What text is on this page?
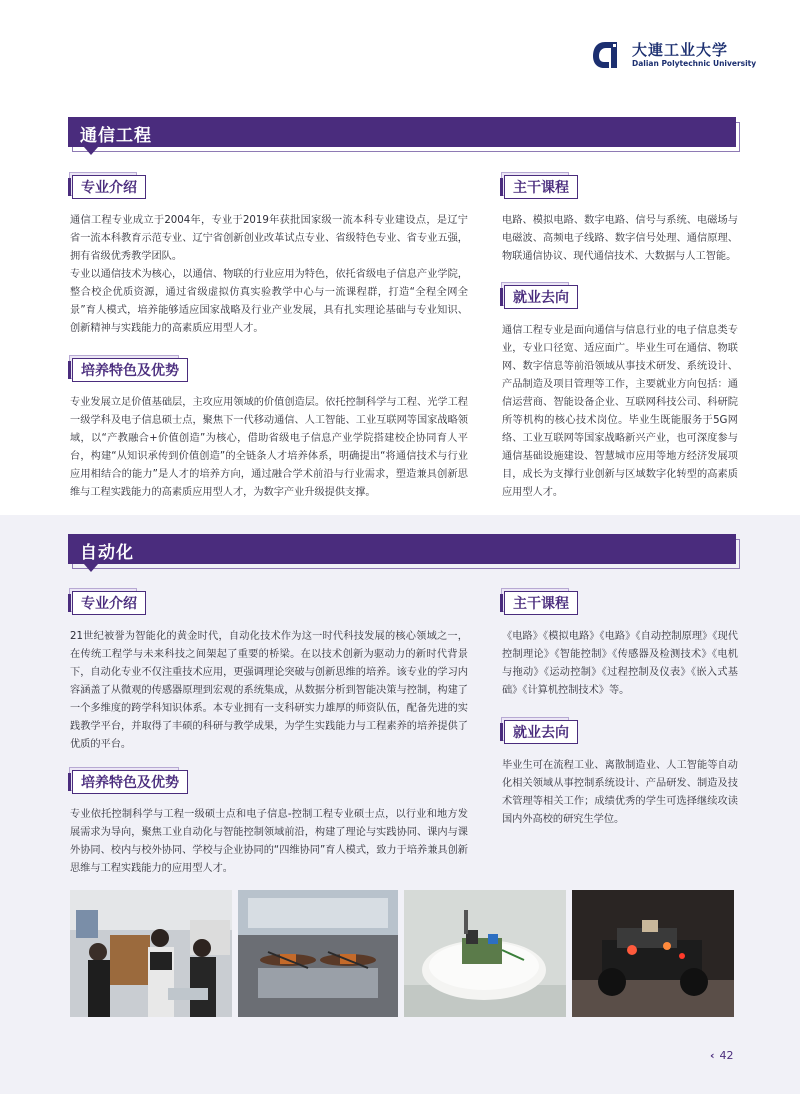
大連工业大学
Dalian Polytechnic University
通信工程
专业介绍
通信工程专业成立于2004年，专业于2019年获批国家级一流本科专业建设点，是辽宁省一流本科教育示范专业、辽宁省创新创业改革试点专业、省级特色专业、省专业五强，拥有省级优秀教学团队。
专业以通信技术为核心，以通信、物联的行业应用为特色，依托省级电子信息产业学院，整合校企优质资源，通过省级虚拟仿真实验教学中心与一流课程群，打造“全程全网全景”育人模式，培养能够适应国家战略及行业产业发展，具有扎实理论基础与专业知识、创新精神与实践能力的高素质应用型人才。
培养特色及优势
专业发展立足价值基础层，主攻应用领域的价值创造层。依托控制科学与工程、光学工程一级学科及电子信息硕士点，聚焦下一代移动通信、人工智能、工业互联网等国家战略领域，以“产教融合+价值创造”为核心，借助省级电子信息产业学院搭建校企协同育人平台，构建“从知识承传到价值创造”的全链条人才培养体系，明确提出“将通信技术与行业应用相结合的能力”是人才的培养方向，通过融合学术前沿与行业需求，塑造兼具创新思维与工程实践能力的高素质应用型人才，为数字产业升级提供支撑。
主干课程
电路、模拟电路、数字电路、信号与系统、电磁场与电磁波、高频电子线路、数字信号处理、通信原理、物联通信协议、现代通信技术、大数据与人工智能。
就业去向
通信工程专业是面向通信与信息行业的电子信息类专业，专业口径宽、适应面广。毕业生可在通信、物联网、数字信息等前沿领域从事技术研发、系统设计、产品制造及项目管理等工作，主要就业方向包括：通信运营商、智能设备企业、互联网科技公司、科研院所等机构的核心技术岗位。毕业生既能服务于5G网络、工业互联网等国家战略新兴产业，也可深度参与通信基础设施建设、智慧城市应用等地方经济发展项目，成长为支撑行业创新与区域数字化转型的高素质应用型人才。
自动化
专业介绍
21世纪被誉为智能化的黄金时代，自动化技术作为这一时代科技发展的核心领域之一，在传统工程学与未来科技之间架起了重要的桥梁。在以技术创新为驱动力的新时代背景下，自动化专业不仅注重技术应用，更强调理论突破与创新思维的培养。该专业的学习内容涵盖了从微观的传感器原理到宏观的系统集成，从数据分析到智能决策与控制，构建了一个多维度的跨学科知识体系。本专业拥有一支科研实力雄厚的师资队伍，配备先进的实践教学平台，并取得了丰硕的科研与教学成果，为学生实践能力与工程素养的培养提供了优质的平台。
培养特色及优势
专业依托控制科学与工程一级硕士点和电子信息-控制工程专业硕士点，以行业和地方发展需求为导向，聚焦工业自动化与智能控制领域前沿，构建了理论与实践协同、课内与课外协同、校内与校外协同、学校与企业协同的“四维协同”育人模式，致力于培养兼具创新思维与工程实践能力的应用型人才。
主干课程
《电路》《模拟电路》《电路》《自动控制原理》《现代控制理论》《智能控制》《传感器及检测技术》《电机与拖动》《运动控制》《过程控制及仪表》《嵌入式基础》《计算机控制技术》等。
就业去向
毕业生可在流程工业、离散制造业、人工智能等自动化相关领域从事控制系统设计、产品研发、制造及技术管理等相关工作；成绩优秀的学生可选择继续攻读国内外高校的研究生学位。
‹ 42
